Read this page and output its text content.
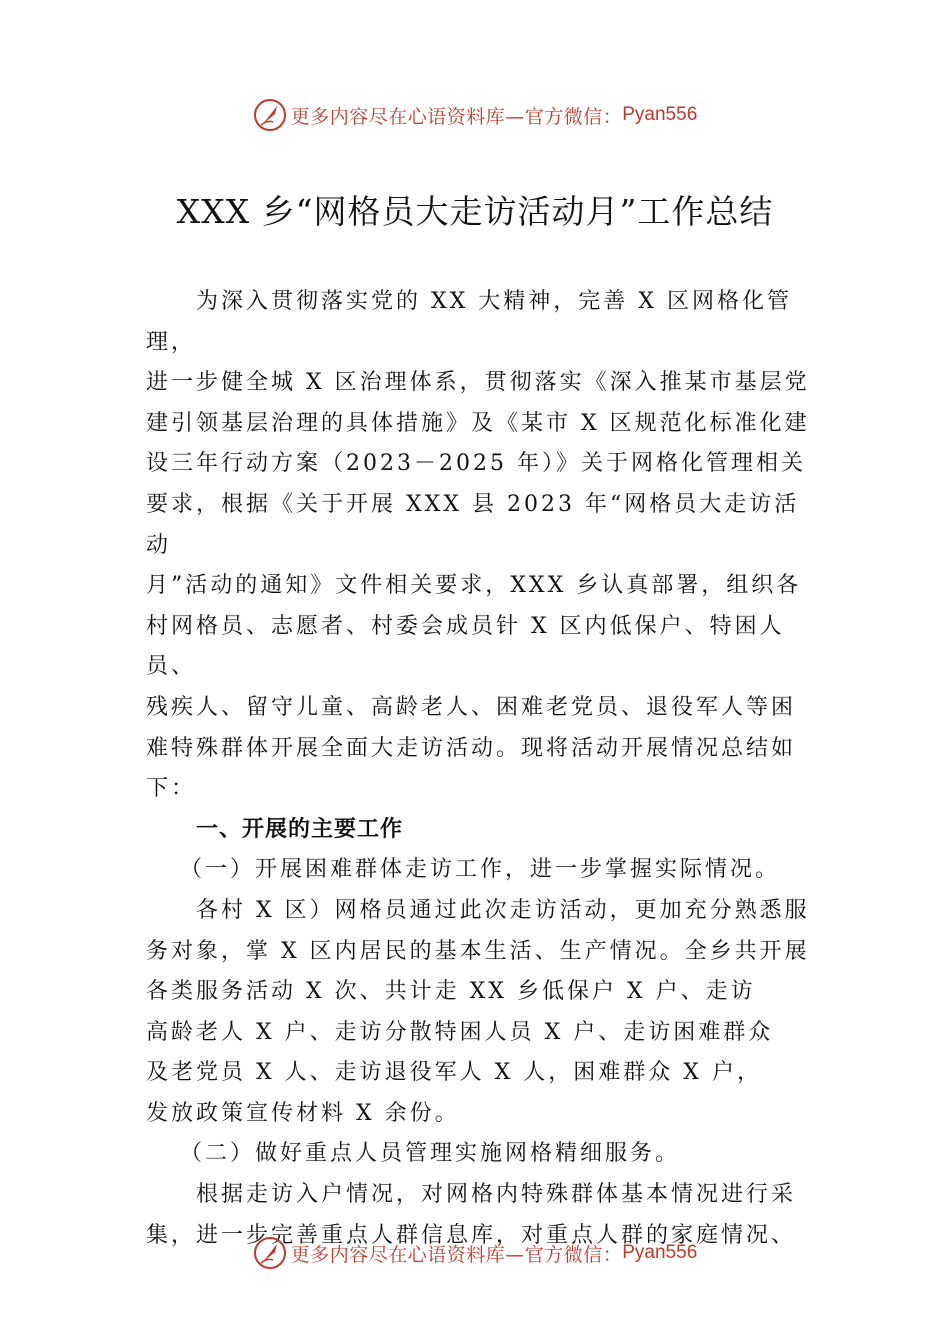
更多内容尽在心语资料库—官方微信： Pyan556
XXX 乡“网格员大走访活动月”工作总结

为深入贯彻落实党的 XX 大精神，完善 X 区网格化管理，

进一步健全城 X 区治理体系，贯彻落实《深入推某市基层党

建引领基层治理的具体措施》及《某市 X 区规范化标准化建

设三年行动方案（2023－2025 年）》关于网格化管理相关

要求，根据《关于开展 XXX 县 2023 年“网格员大走访活动

月”活动的通知》文件相关要求，XXX 乡认真部署，组织各

村网格员、志愿者、村委会成员针 X 区内低保户、特困人员、

残疾人、留守儿童、高龄老人、困难老党员、退役军人等困

难特殊群体开展全面大走访活动。现将活动开展情况总结如

下：

一、开展的主要工作

（一）开展困难群体走访工作，进一步掌握实际情况。

各村 X 区）网格员通过此次走访活动，更加充分熟悉服

务对象，掌 X 区内居民的基本生活、生产情况。全乡共开展

各类服务活动 X 次、共计走 XX 乡低保户 X 户、走访

高龄老人 X 户、走访分散特困人员 X 户、走访困难群众

及老党员 X 人、走访退役军人 X 人，困难群众 X 户，

发放政策宣传材料 X 余份。

（二）做好重点人员管理实施网格精细服务。

根据走访入户情况，对网格内特殊群体基本情况进行采

集，进一步完善重点人群信息库，对重点人群的家庭情况、

更多内容尽在心语资料库—官方微信： Pyan556
